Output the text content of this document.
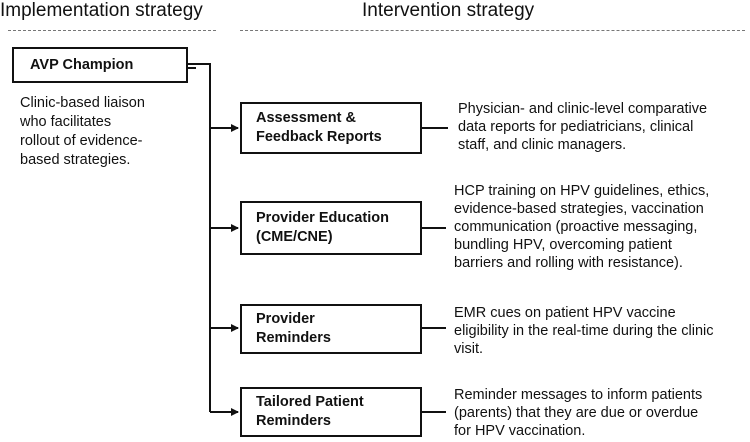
Implementation strategy	Intervention strategy
AVP Champion
Clinic-based liaison
who facilitates
rollout of evidence-
based strategies.
Assessment &
Feedback Reports
Physician- and clinic-level comparative
data reports for pediatricians, clinical
staff, and clinic managers.
Provider Education
(CME/CNE)
HCP training on HPV guidelines, ethics,
evidence-based strategies, vaccination
communication (proactive messaging,
bundling HPV, overcoming patient
barriers and rolling with resistance).
Provider
Reminders
EMR cues on patient HPV vaccine
eligibility in the real-time during the clinic
visit.
Tailored Patient
Reminders
Reminder messages to inform patients
(parents) that they are due or overdue
for HPV vaccination.
